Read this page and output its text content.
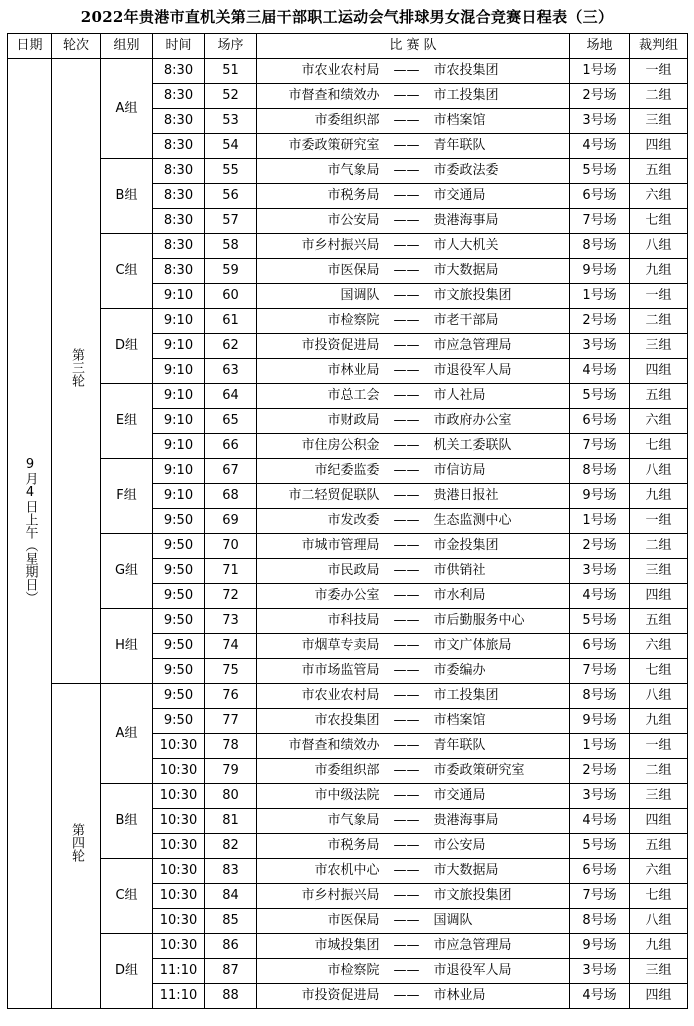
2022年贵港市直机关第三届干部职工运动会气排球男女混合竞赛日程表（三）
日期	轮次	组别	时间	场序	比 赛 队	场地	裁判组
9月4日上午（星期日）	第三轮	A组	8:30	51	市农业农村局 —— 市农投集团	1号场	一组
			8:30	52	市督查和绩效办 —— 市工投集团	2号场	二组
			8:30	53	市委组织部 —— 市档案馆	3号场	三组
			8:30	54	市委政策研究室 —— 青年联队	4号场	四组
		B组	8:30	55	市气象局 —— 市委政法委	5号场	五组
			8:30	56	市税务局 —— 市交通局	6号场	六组
			8:30	57	市公安局 —— 贵港海事局	7号场	七组
		C组	8:30	58	市乡村振兴局 —— 市人大机关	8号场	八组
			8:30	59	市医保局 —— 市大数据局	9号场	九组
			9:10	60	国调队 —— 市文旅投集团	1号场	一组
		D组	9:10	61	市检察院 —— 市老干部局	2号场	二组
			9:10	62	市投资促进局 —— 市应急管理局	3号场	三组
			9:10	63	市林业局 —— 市退役军人局	4号场	四组
		E组	9:10	64	市总工会 —— 市人社局	5号场	五组
			9:10	65	市财政局 —— 市政府办公室	6号场	六组
			9:10	66	市住房公积金 —— 机关工委联队	7号场	七组
		F组	9:10	67	市纪委监委 —— 市信访局	8号场	八组
			9:10	68	市二轻贸促联队 —— 贵港日报社	9号场	九组
			9:50	69	市发改委 —— 生态监测中心	1号场	一组
		G组	9:50	70	市城市管理局 —— 市金投集团	2号场	二组
			9:50	71	市民政局 —— 市供销社	3号场	三组
			9:50	72	市委办公室 —— 市水利局	4号场	四组
		H组	9:50	73	市科技局 —— 市后勤服务中心	5号场	五组
			9:50	74	市烟草专卖局 —— 市文广体旅局	6号场	六组
			9:50	75	市市场监管局 —— 市委编办	7号场	七组
	第四轮	A组	9:50	76	市农业农村局 —— 市工投集团	8号场	八组
			9:50	77	市农投集团 —— 市档案馆	9号场	九组
			10:30	78	市督查和绩效办 —— 青年联队	1号场	一组
			10:30	79	市委组织部 —— 市委政策研究室	2号场	二组
		B组	10:30	80	市中级法院 —— 市交通局	3号场	三组
			10:30	81	市气象局 —— 贵港海事局	4号场	四组
			10:30	82	市税务局 —— 市公安局	5号场	五组
		C组	10:30	83	市农机中心 —— 市大数据局	6号场	六组
			10:30	84	市乡村振兴局 —— 市文旅投集团	7号场	七组
			10:30	85	市医保局 —— 国调队	8号场	八组
		D组	10:30	86	市城投集团 —— 市应急管理局	9号场	九组
			11:10	87	市检察院 —— 市退役军人局	3号场	三组
			11:10	88	市投资促进局 —— 市林业局	4号场	四组
